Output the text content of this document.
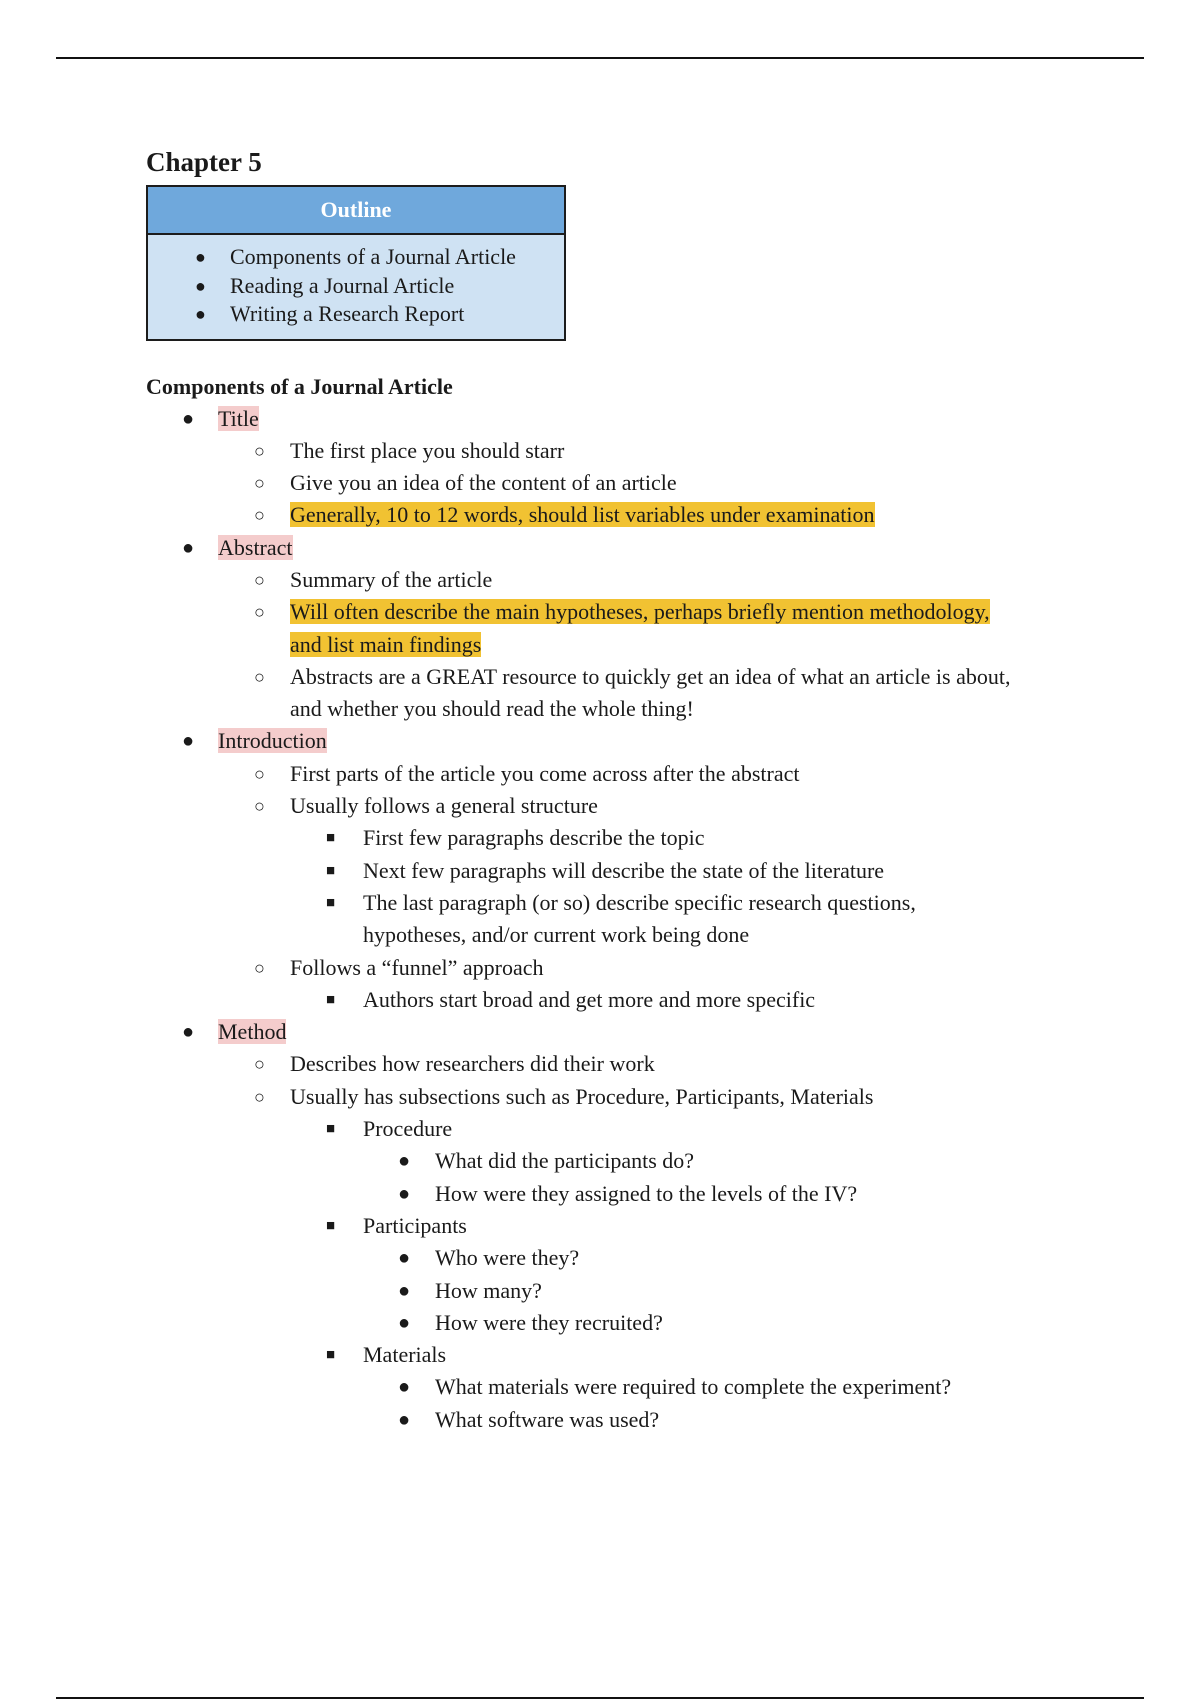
Chapter 5
Outline
●	Components of a Journal Article
●	Reading a Journal Article
●	Writing a Research Report
Components of a Journal Article
●	Title
○	The first place you should starr
○	Give you an idea of the content of an article
○	Generally, 10 to 12 words, should list variables under examination
●	Abstract
○	Summary of the article
○	Will often describe the main hypotheses, perhaps briefly mention methodology,
and list main findings
○	Abstracts are a GREAT resource to quickly get an idea of what an article is about,
and whether you should read the whole thing!
●	Introduction
○	First parts of the article you come across after the abstract
○	Usually follows a general structure
■	First few paragraphs describe the topic
■	Next few paragraphs will describe the state of the literature
■	The last paragraph (or so) describe specific research questions,
hypotheses, and/or current work being done
○	Follows a “funnel” approach
■	Authors start broad and get more and more specific
●	Method
○	Describes how researchers did their work
○	Usually has subsections such as Procedure, Participants, Materials
■	Procedure
●	What did the participants do?
●	How were they assigned to the levels of the IV?
■	Participants
●	Who were they?
●	How many?
●	How were they recruited?
■	Materials
●	What materials were required to complete the experiment?
●	What software was used?
